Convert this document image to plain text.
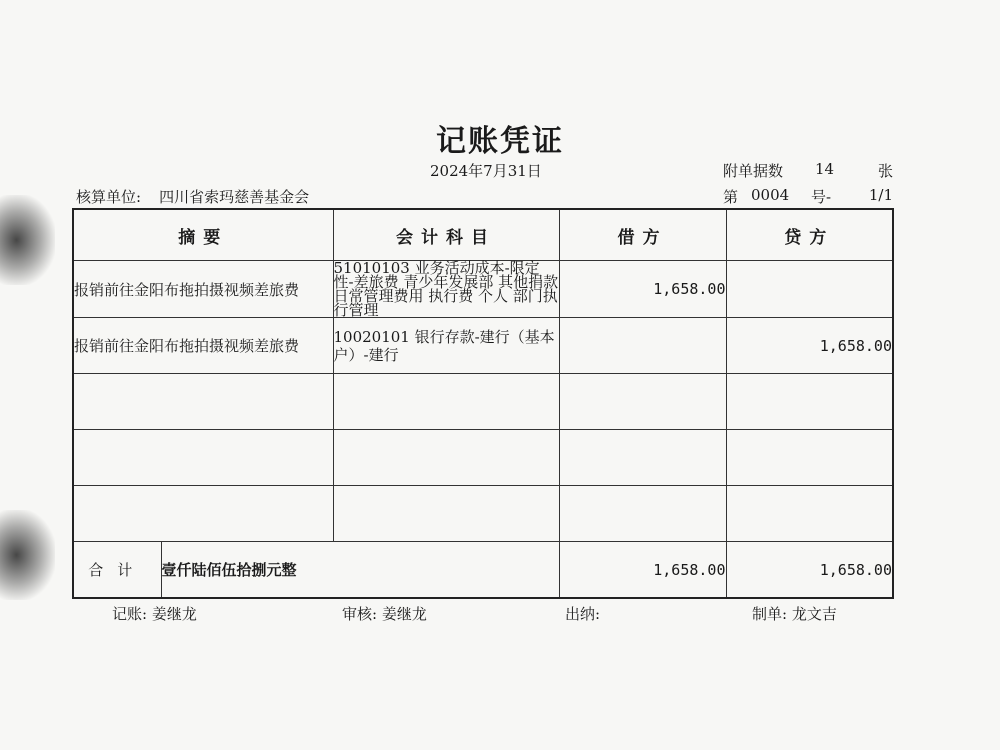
记账凭证
2024年7月31日	附单据数 14	张
核算单位: 四川省索玛慈善基金会	第 0004 号-	1/1
摘要		会计科目	借方	贷方
报销前往金阳布拖拍摄视频差旅费		51010103 业务活动成本-限定性-差旅费 青少年发展部 其他捐款 日常管理费用 执行费 个人 部门执行管理	1,658.00	
报销前往金阳布拖拍摄视频差旅费		10020101 银行存款-建行（基本户）-建行		1,658.00

合计	壹仟陆佰伍拾捌元整		1,658.00	1,658.00
记账: 姜继龙	审核: 姜继龙	出纳:	制单: 龙文吉
